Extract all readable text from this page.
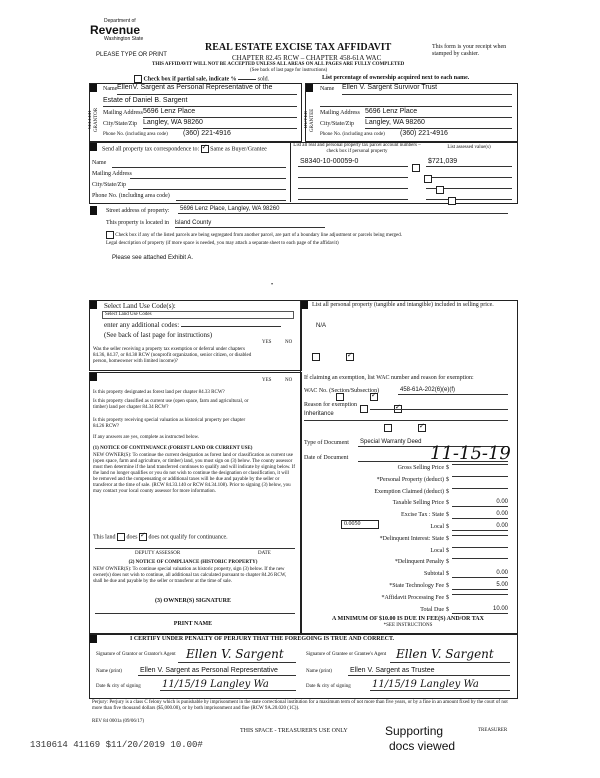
Department of
Revenue
Washington State
PLEASE TYPE OR PRINT
REAL ESTATE EXCISE TAX AFFIDAVIT
CHAPTER 82.45 RCW – CHAPTER 458-61A WAC
THIS AFFIDAVIT WILL NOT BE ACCEPTED UNLESS ALL AREAS ON ALL PAGES ARE FULLY COMPLETED
(See back of last page for instructions)
This form is your receipt when stamped by cashier.
Check box if partial sale, indicate %	sold.	List percentage of ownership acquired next to each name.
SELLER GRANTOR
Name EllenV. Sargent as Personal Representative of the
Estate of Daniel B. Sargent
Mailing Address 5696 Lenz Place
City/State/Zip Langley, WA 98260
Phone No. (including area code) (360) 221-4916
BUYER GRANTEE
Name Ellen V. Sargent Survivor Trust
Mailing Address 5696 Lenz Place
City/State/Zip Langley, WA 98260
Phone No. (including area code) (360) 221-4916
Send all property tax correspondence to: ✓ Same as Buyer/Grantee
Name
Mailing Address
City/State/Zip
Phone No. (including area code)
List all real and personal property tax parcel account numbers – check box if personal property
List assessed value(s)
S8340-10-00059-0	$721,039

Street address of property: 5696 Lenz Place, Langley, WA 98260
This property is located in Island County
Check box if any of the listed parcels are being segregated from another parcel, are part of a boundary line adjustment or parcels being merged.
Legal description of property (if more space is needed, you may attach a separate sheet to each page of the affidavit)
Please see attached Exhibit A.
•
Select Land Use Code(s):
Select Land Use Codes
enter any additional codes:
(See back of last page for instructions)
YES	NO
Was the seller receiving a property tax exemption or deferral under chapters 84.36, 84.37, or 84.38 RCW (nonprofit organization, senior citizen, or disabled person, homeowner with limited income)?
✓
YES	NO
Is this property designated as forest land per chapter 84.33 RCW?
✓
Is this property classified as current use (open space, farm and agricultural, or timber) land per chapter 84.34 RCW?
✓
Is this property receiving special valuation as historical property per chapter 84.26 RCW?
✓
If any answers are yes, complete as instructed below.
(1) NOTICE OF CONTINUANCE (FOREST LAND OR CURRENT USE)
NEW OWNER(S): To continue the current designation as forest land or classification as current use (open space, farm and agriculture, or timber) land, you must sign on (3) below. The county assessor must then determine if the land transferred continues to qualify and will indicate by signing below. If the land no longer qualifies or you do not wish to continue the designation or classification, it will be removed and the compensating or additional taxes will be due and payable by the seller or transferor at the time of sale. (RCW 84.33.140 or RCW 84.34.108). Prior to signing (3) below, you may contact your local county assessor for more information.
This land does ✓ does not qualify for continuance.
DEPUTY ASSESSOR	DATE
(2) NOTICE OF COMPLIANCE (HISTORIC PROPERTY)
NEW OWNER(S): To continue special valuation as historic property, sign (3) below. If the new owner(s) does not wish to continue, all additional tax calculated pursuant to chapter 84.26 RCW, shall be due and payable by the seller or transferor at the time of sale.
(3) OWNER(S) SIGNATURE
PRINT NAME
List all personal property (tangible and intangible) included in selling price.
N/A
If claiming an exemption, list WAC number and reason for exemption:
WAC No. (Section/Subsection)	458-61A-202(6)(e)(f)
Reason for exemption
Inheritance
Type of Document Special Warranty Deed
Date of Document	11-15-19
Gross Selling Price $
*Personal Property (deduct) $
Exemption Claimed (deduct) $
Taxable Selling Price $	0.00
Excise Tax : State $	0.00
Local $	0.00
*Delinquent Interest: State $
Local $
*Delinquent Penalty $
Subtotal $	0.00
*State Technology Fee $	5.00
*Affidavit Processing Fee $
Total Due $	10.00
0.0050
A MINIMUM OF $10.00 IS DUE IN FEE(S) AND/OR TAX
*SEE INSTRUCTIONS
I CERTIFY UNDER PENALTY OF PERJURY THAT THE FOREGOING IS TRUE AND CORRECT.
Signature of Grantor or Grantor's Agent Ellen V. Sargent
Name (print)	Ellen V. Sargent as Personal Representative
Date & city of signing 11/15/19 Langley Wa
Signature of Grantee or Grantee's Agent Ellen V. Sargent
Name (print)	Ellen V. Sargent as Trustee
Date & city of signing 11/15/19 Langley Wa
Perjury: Perjury is a class C felony which is punishable by imprisonment in the state correctional institution for a maximum term of not more than five years, or by a fine in an amount fixed by the court of not more than five thousand dollars ($5,000.00), or by both imprisonment and fine (RCW 9A.20.020 (1C)).
REV 84 0001a (09/06/17)
THIS SPACE - TREASURER'S USE ONLY	TREASURER
1310614 41169 $11/20/2019 10.00#
Supporting
docs viewed
